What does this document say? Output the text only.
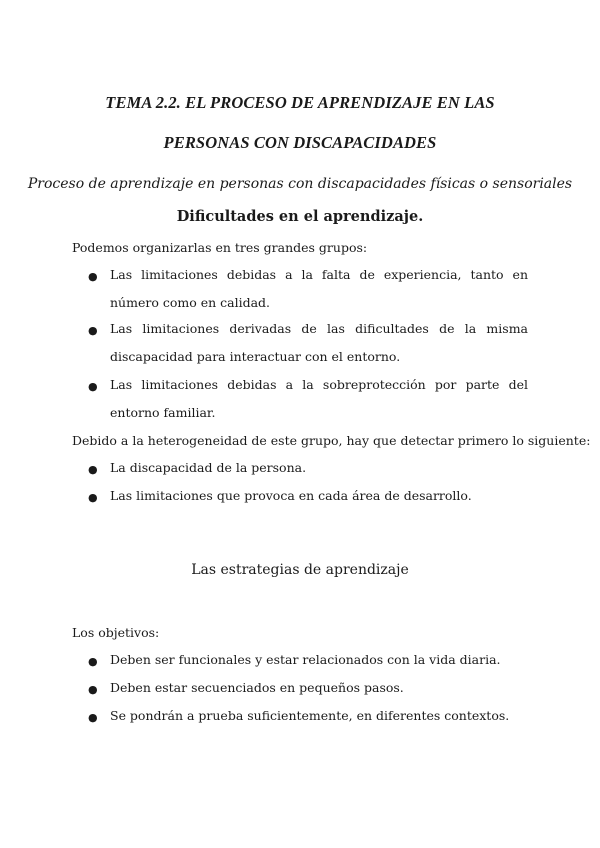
TEMA 2.2. EL PROCESO DE APRENDIZAJE EN LAS
PERSONAS CON DISCAPACIDADES
Proceso de aprendizaje en personas con discapacidades físicas o sensoriales
Dificultades en el aprendizaje.
Podemos organizarlas en tres grandes grupos:
● Las limitaciones debidas a la falta de experiencia, tanto en número como en calidad.
● Las limitaciones derivadas de las dificultades de la misma discapacidad para interactuar con el entorno.
● Las limitaciones debidas a la sobreprotección por parte del entorno familiar.
Debido a la heterogeneidad de este grupo, hay que detectar primero lo siguiente:
● La discapacidad de la persona.
● Las limitaciones que provoca en cada área de desarrollo.
Las estrategias de aprendizaje
Los objetivos:
● Deben ser funcionales y estar relacionados con la vida diaria.
● Deben estar secuenciados en pequeños pasos.
● Se pondrán a prueba suficientemente, en diferentes contextos.
